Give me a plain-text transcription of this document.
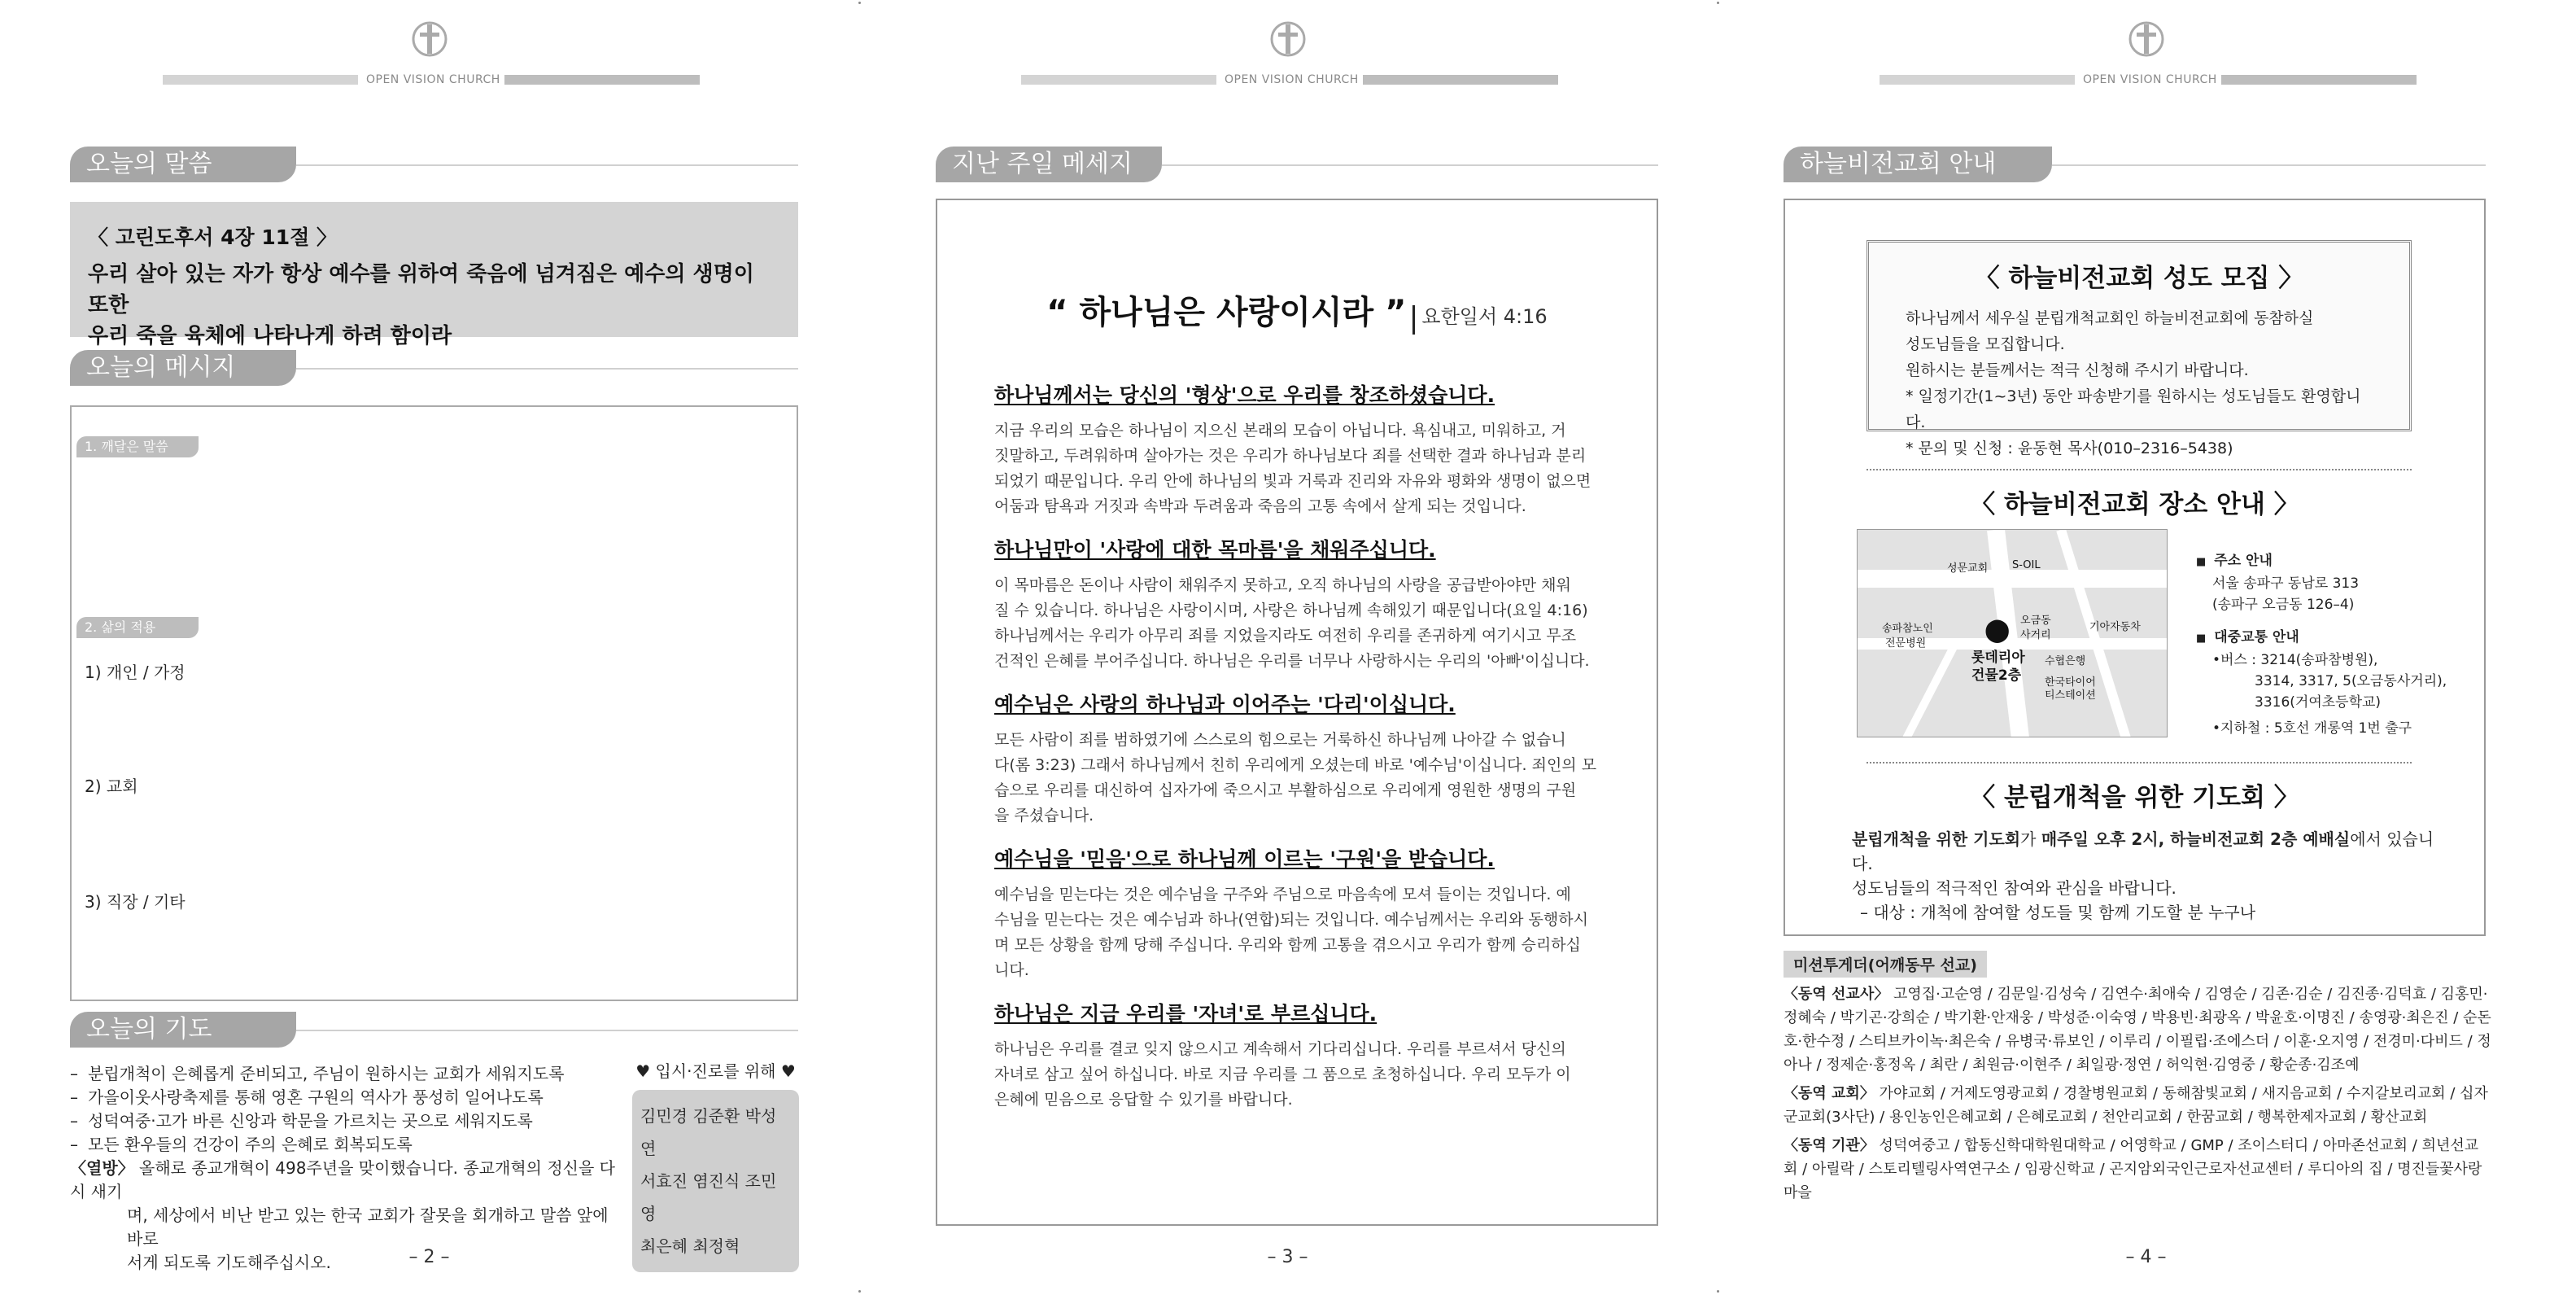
OPEN VISION CHURCH
오늘의 말씀
〈 고린도후서 4장 11절 〉
우리 살아 있는 자가 항상 예수를 위하여 죽음에 넘겨짐은 예수의 생명이 또한
우리 죽을 육체에 나타나게 하려 함이라
오늘의 메시지
1. 깨달은 말씀
2. 삶의 적용
1) 개인 / 가정
2) 교회
3) 직장 / 기타
오늘의 기도
– 분립개척이 은혜롭게 준비되고, 주님이 원하시는 교회가 세워지도록
– 가을이웃사랑축제를 통해 영혼 구원의 역사가 풍성히 일어나도록
– 성덕여중·고가 바른 신앙과 학문을 가르치는 곳으로 세워지도록
– 모든 환우들의 건강이 주의 은혜로 회복되도록
〈열방〉 올해로 종교개혁이 498주년을 맞이했습니다. 종교개혁의 정신을 다시 새기
며, 세상에서 비난 받고 있는 한국 교회가 잘못을 회개하고 말씀 앞에 바로
서게 되도록 기도해주십시오.
♥ 입시·진로를 위해 ♥
김민경 김준환 박성연
서효진 염진식 조민영
최은혜 최정혁
– 2 –
OPEN VISION CHURCH
지난 주일 메세지
“ 하나님은 사랑이시라 ” 요한일서 4:16
하나님께서는 당신의 '형상'으로 우리를 창조하셨습니다.

지금 우리의 모습은 하나님이 지으신 본래의 모습이 아닙니다. 욕심내고, 미워하고, 거

짓말하고, 두려워하며 살아가는 것은 우리가 하나님보다 죄를 선택한 결과 하나님과 분리

되었기 때문입니다. 우리 안에 하나님의 빛과 거룩과 진리와 자유와 평화와 생명이 없으면

어둠과 탐욕과 거짓과 속박과 두려움과 죽음의 고통 속에서 살게 되는 것입니다.

하나님만이 '사랑에 대한 목마름'을 채워주십니다.

이 목마름은 돈이나 사람이 채워주지 못하고, 오직 하나님의 사랑을 공급받아야만 채워

질 수 있습니다. 하나님은 사랑이시며, 사랑은 하나님께 속해있기 때문입니다(요일 4:16)

하나님께서는 우리가 아무리 죄를 지었을지라도 여전히 우리를 존귀하게 여기시고 무조

건적인 은혜를 부어주십니다. 하나님은 우리를 너무나 사랑하시는 우리의 '아빠'이십니다.

예수님은 사랑의 하나님과 이어주는 '다리'이십니다.

모든 사람이 죄를 범하였기에 스스로의 힘으로는 거룩하신 하나님께 나아갈 수 없습니

다(롬 3:23) 그래서 하나님께서 친히 우리에게 오셨는데 바로 '예수님'이십니다. 죄인의 모

습으로 우리를 대신하여 십자가에 죽으시고 부활하심으로 우리에게 영원한 생명의 구원

을 주셨습니다.

예수님을 '믿음'으로 하나님께 이르는 '구원'을 받습니다.

예수님을 믿는다는 것은 예수님을 구주와 주님으로 마음속에 모셔 들이는 것입니다. 예

수님을 믿는다는 것은 예수님과 하나(연합)되는 것입니다. 예수님께서는 우리와 동행하시

며 모든 상황을 함께 당해 주십니다. 우리와 함께 고통을 겪으시고 우리가 함께 승리하십

니다.

하나님은 지금 우리를 '자녀'로 부르십니다.

하나님은 우리를 결코 잊지 않으시고 계속해서 기다리십니다. 우리를 부르셔서 당신의

자녀로 삼고 싶어 하십니다. 바로 지금 우리를 그 품으로 초청하십니다. 우리 모두가 이

은혜에 믿음으로 응답할 수 있기를 바랍니다.

– 3 –
OPEN VISION CHURCH
하늘비전교회 안내
〈 하늘비전교회 성도 모집 〉

하나님께서 세우실 분립개척교회인 하늘비전교회에 동참하실

성도님들을 모집합니다.

원하시는 분들께서는 적극 신청해 주시기 바랍니다.

* 일정기간(1~3년) 동안 파송받기를 원하시는 성도님들도 환영합니다.

* 문의 및 신청 : 윤동현 목사(010–2316–5438)

〈 하늘비전교회 장소 안내 〉
성문교회 S-OIL
송파참노인
전문병원
오금동
사거리
기아자동차
⬤
롯데리아
건물2층
수협은행
한국타이어
티스테이션
■ 주소 안내
서울 송파구 동남로 313
(송파구 오금동 126–4)
■ 대중교통 안내
•버스 : 3214(송파참병원),
3314, 3317, 5(오금동사거리),
3316(거여초등학교)
•지하철 : 5호선 개롱역 1번 출구
〈 분립개척을 위한 기도회 〉
분립개척을 위한 기도회가 매주일 오후 2시, 하늘비전교회 2층 예배실에서 있습니다.
성도님들의 적극적인 참여와 관심을 바랍니다.
– 대상 : 개척에 참여할 성도들 및 함께 기도할 분 누구나
미션투게더(어깨동무 선교)

〈동역 선교사〉 고영집·고순영 / 김문일·김성숙 / 김연수·최애숙 / 김영순 / 김존·김순 / 김진종·김덕효 / 김홍민·정혜숙 / 박기곤·강희순 / 박기환·안재웅 / 박성준·이숙영 / 박용빈·최광옥 / 박윤호·이명진 / 송영광·최은진 / 순돈호·한수정 / 스티브카이녹·최은숙 / 유병국·류보인 / 이루리 / 이필립·조에스더 / 이훈·오지영 / 전경미·다비드 / 정아나 / 정제순·홍정옥 / 최란 / 최원금·이현주 / 최일광·정연 / 허익현·김영중 / 황순종·김조예

〈동역 교회〉 가야교회 / 거제도영광교회 / 경찰병원교회 / 동해참빛교회 / 새지음교회 / 수지갈보리교회 / 십자군교회(3사단) / 용인농인은혜교회 / 은혜로교회 / 천안리교회 / 한꿈교회 / 행복한제자교회 / 황산교회

〈동역 기관〉 성덕여중고 / 합동신학대학원대학교 / 어영학교 / GMP / 조이스터디 / 아마존선교회 / 희년선교회 / 아릴락 / 스토리텔링사역연구소 / 임광신학교 / 곤지암외국인근로자선교센터 / 루디아의 집 / 명진들꽃사랑마을

– 4 –
